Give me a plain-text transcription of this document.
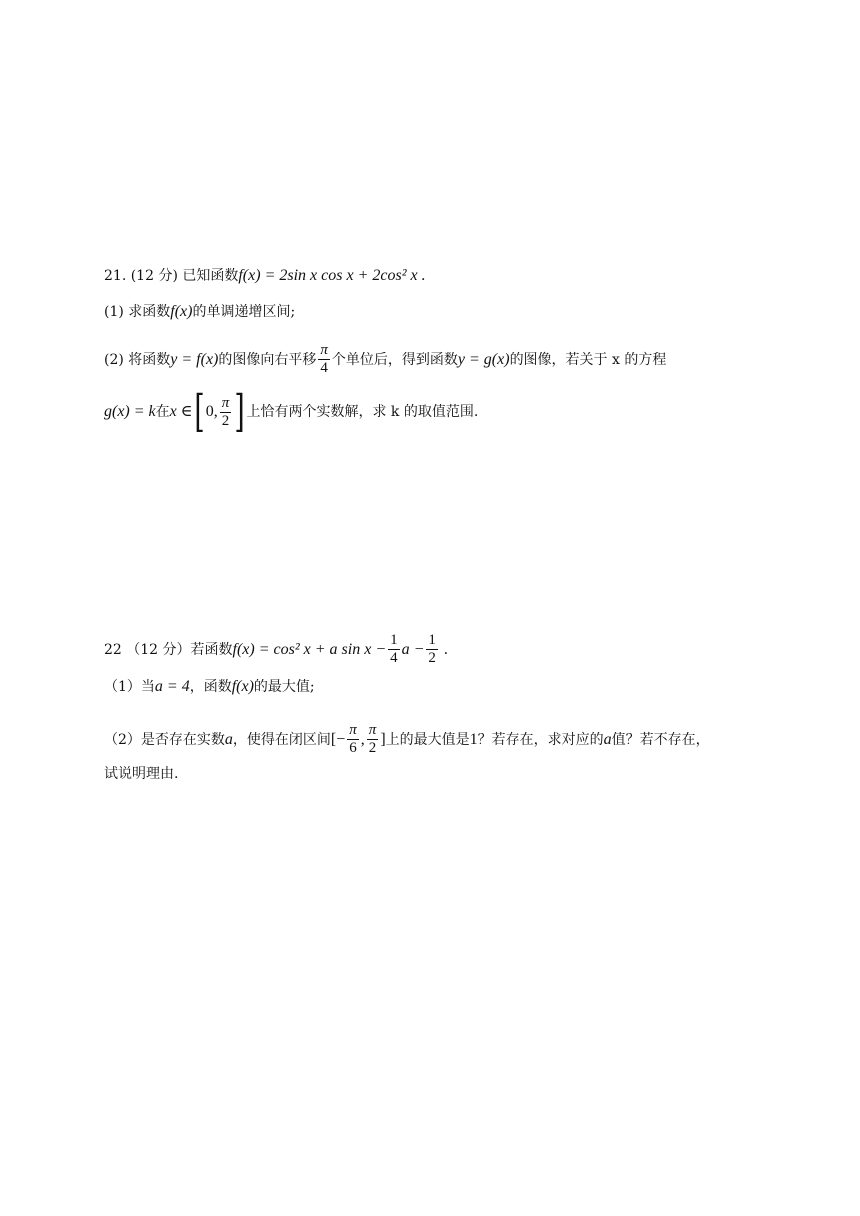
21. (12 分) 已知函数 f(x) = 2sin x cos x + 2cos² x .
(1) 求函数 f(x) 的单调递增区间;
(2) 将函数 y = f(x) 的图像向右平移 $\frac{\pi}{4}$ 个单位后，得到函数 y = g(x) 的图像，若关于 x 的方程
g(x) = k 在 x ∈ [ 0, $\frac{\pi}{2}$ ] 上恰有两个实数解，求 k 的取值范围.
22 （12 分）若函数 f(x) = cos² x + a $\sin x - \frac{1}{4}$ $a - \frac{1}{2}$ .
（1）当 a = 4 ，函数 f(x) 的最大值;
（2）是否存在实数 a ，使得在闭区间 [− $\frac{\pi}{6}$ , $\frac{\pi}{2}$ ] 上的最大值是 1 ？若存在，求对应的 a 值？若不存在，
试说明理由.
